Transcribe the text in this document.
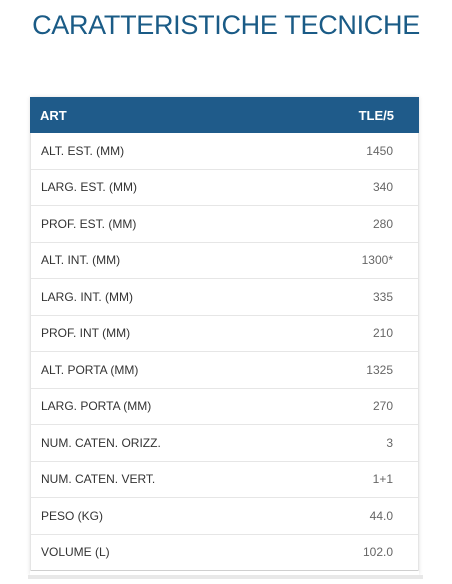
CARATTERISTICHE TECNICHE
ART	TLE/5
ALT. EST. (MM)	1450
LARG. EST. (MM)	340
PROF. EST. (MM)	280
ALT. INT. (MM)	1300*
LARG. INT. (MM)	335
PROF. INT (MM)	210
ALT. PORTA (MM)	1325
LARG. PORTA (MM)	270
NUM. CATEN. ORIZZ.	3
NUM. CATEN. VERT.	1+1
PESO (KG)	44.0
VOLUME (L)	102.0
